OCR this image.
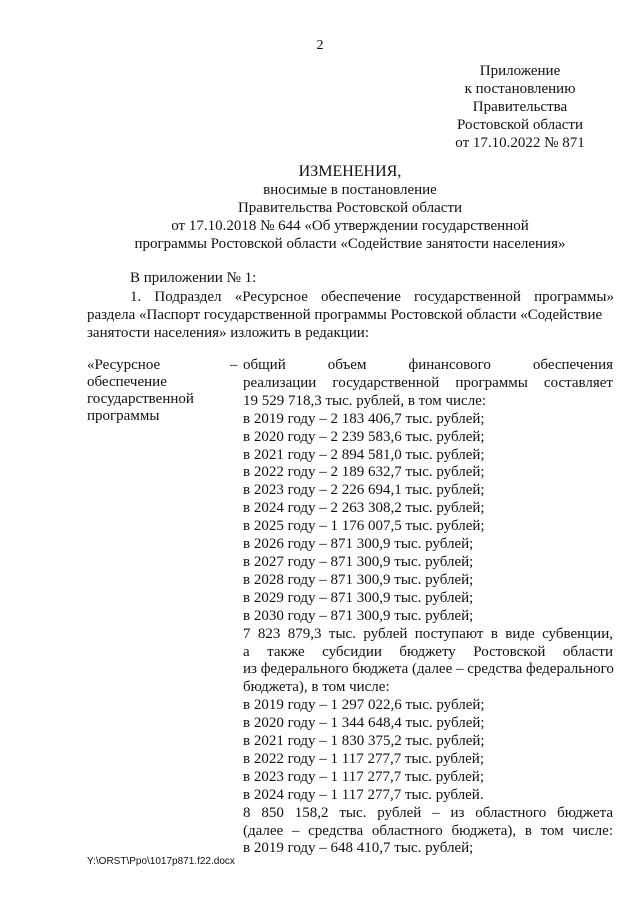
2
Приложение
к постановлению
Правительства
Ростовской области
от 17.10.2022 № 871
ИЗМЕНЕНИЯ,
вносимые в постановление
Правительства Ростовской области
от 17.10.2018 № 644 «Об утверждении государственной
программы Ростовской области «Содействие занятости населения»
В приложении № 1:
1. Подраздел «Ресурсное обеспечение государственной программы»
раздела «Паспорт государственной программы Ростовской области «Содействие
занятости населения» изложить в редакции:
«Ресурсное
обеспечение
государственной
программы
– общий объем финансового обеспечения
реализации государственной программы составляет
19 529 718,3 тыс. рублей, в том числе:
в 2019 году – 2 183 406,7 тыс. рублей;
в 2020 году – 2 239 583,6 тыс. рублей;
в 2021 году – 2 894 581,0 тыс. рублей;
в 2022 году – 2 189 632,7 тыс. рублей;
в 2023 году – 2 226 694,1 тыс. рублей;
в 2024 году – 2 263 308,2 тыс. рублей;
в 2025 году – 1 176 007,5 тыс. рублей;
в 2026 году – 871 300,9 тыс. рублей;
в 2027 году – 871 300,9 тыс. рублей;
в 2028 году – 871 300,9 тыс. рублей;
в 2029 году – 871 300,9 тыс. рублей;
в 2030 году – 871 300,9 тыс. рублей;
7 823 879,3 тыс. рублей поступают в виде субвенции,
а также субсидии бюджету Ростовской области
из федерального бюджета (далее – средства федерального
бюджета), в том числе:
в 2019 году – 1 297 022,6 тыс. рублей;
в 2020 году – 1 344 648,4 тыс. рублей;
в 2021 году – 1 830 375,2 тыс. рублей;
в 2022 году – 1 117 277,7 тыс. рублей;
в 2023 году – 1 117 277,7 тыс. рублей;
в 2024 году – 1 117 277,7 тыс. рублей.
8 850 158,2 тыс. рублей – из областного бюджета
(далее – средства областного бюджета), в том числе:
в 2019 году – 648 410,7 тыс. рублей;
Y:\ORST\Ppo\1017p871.f22.docx
